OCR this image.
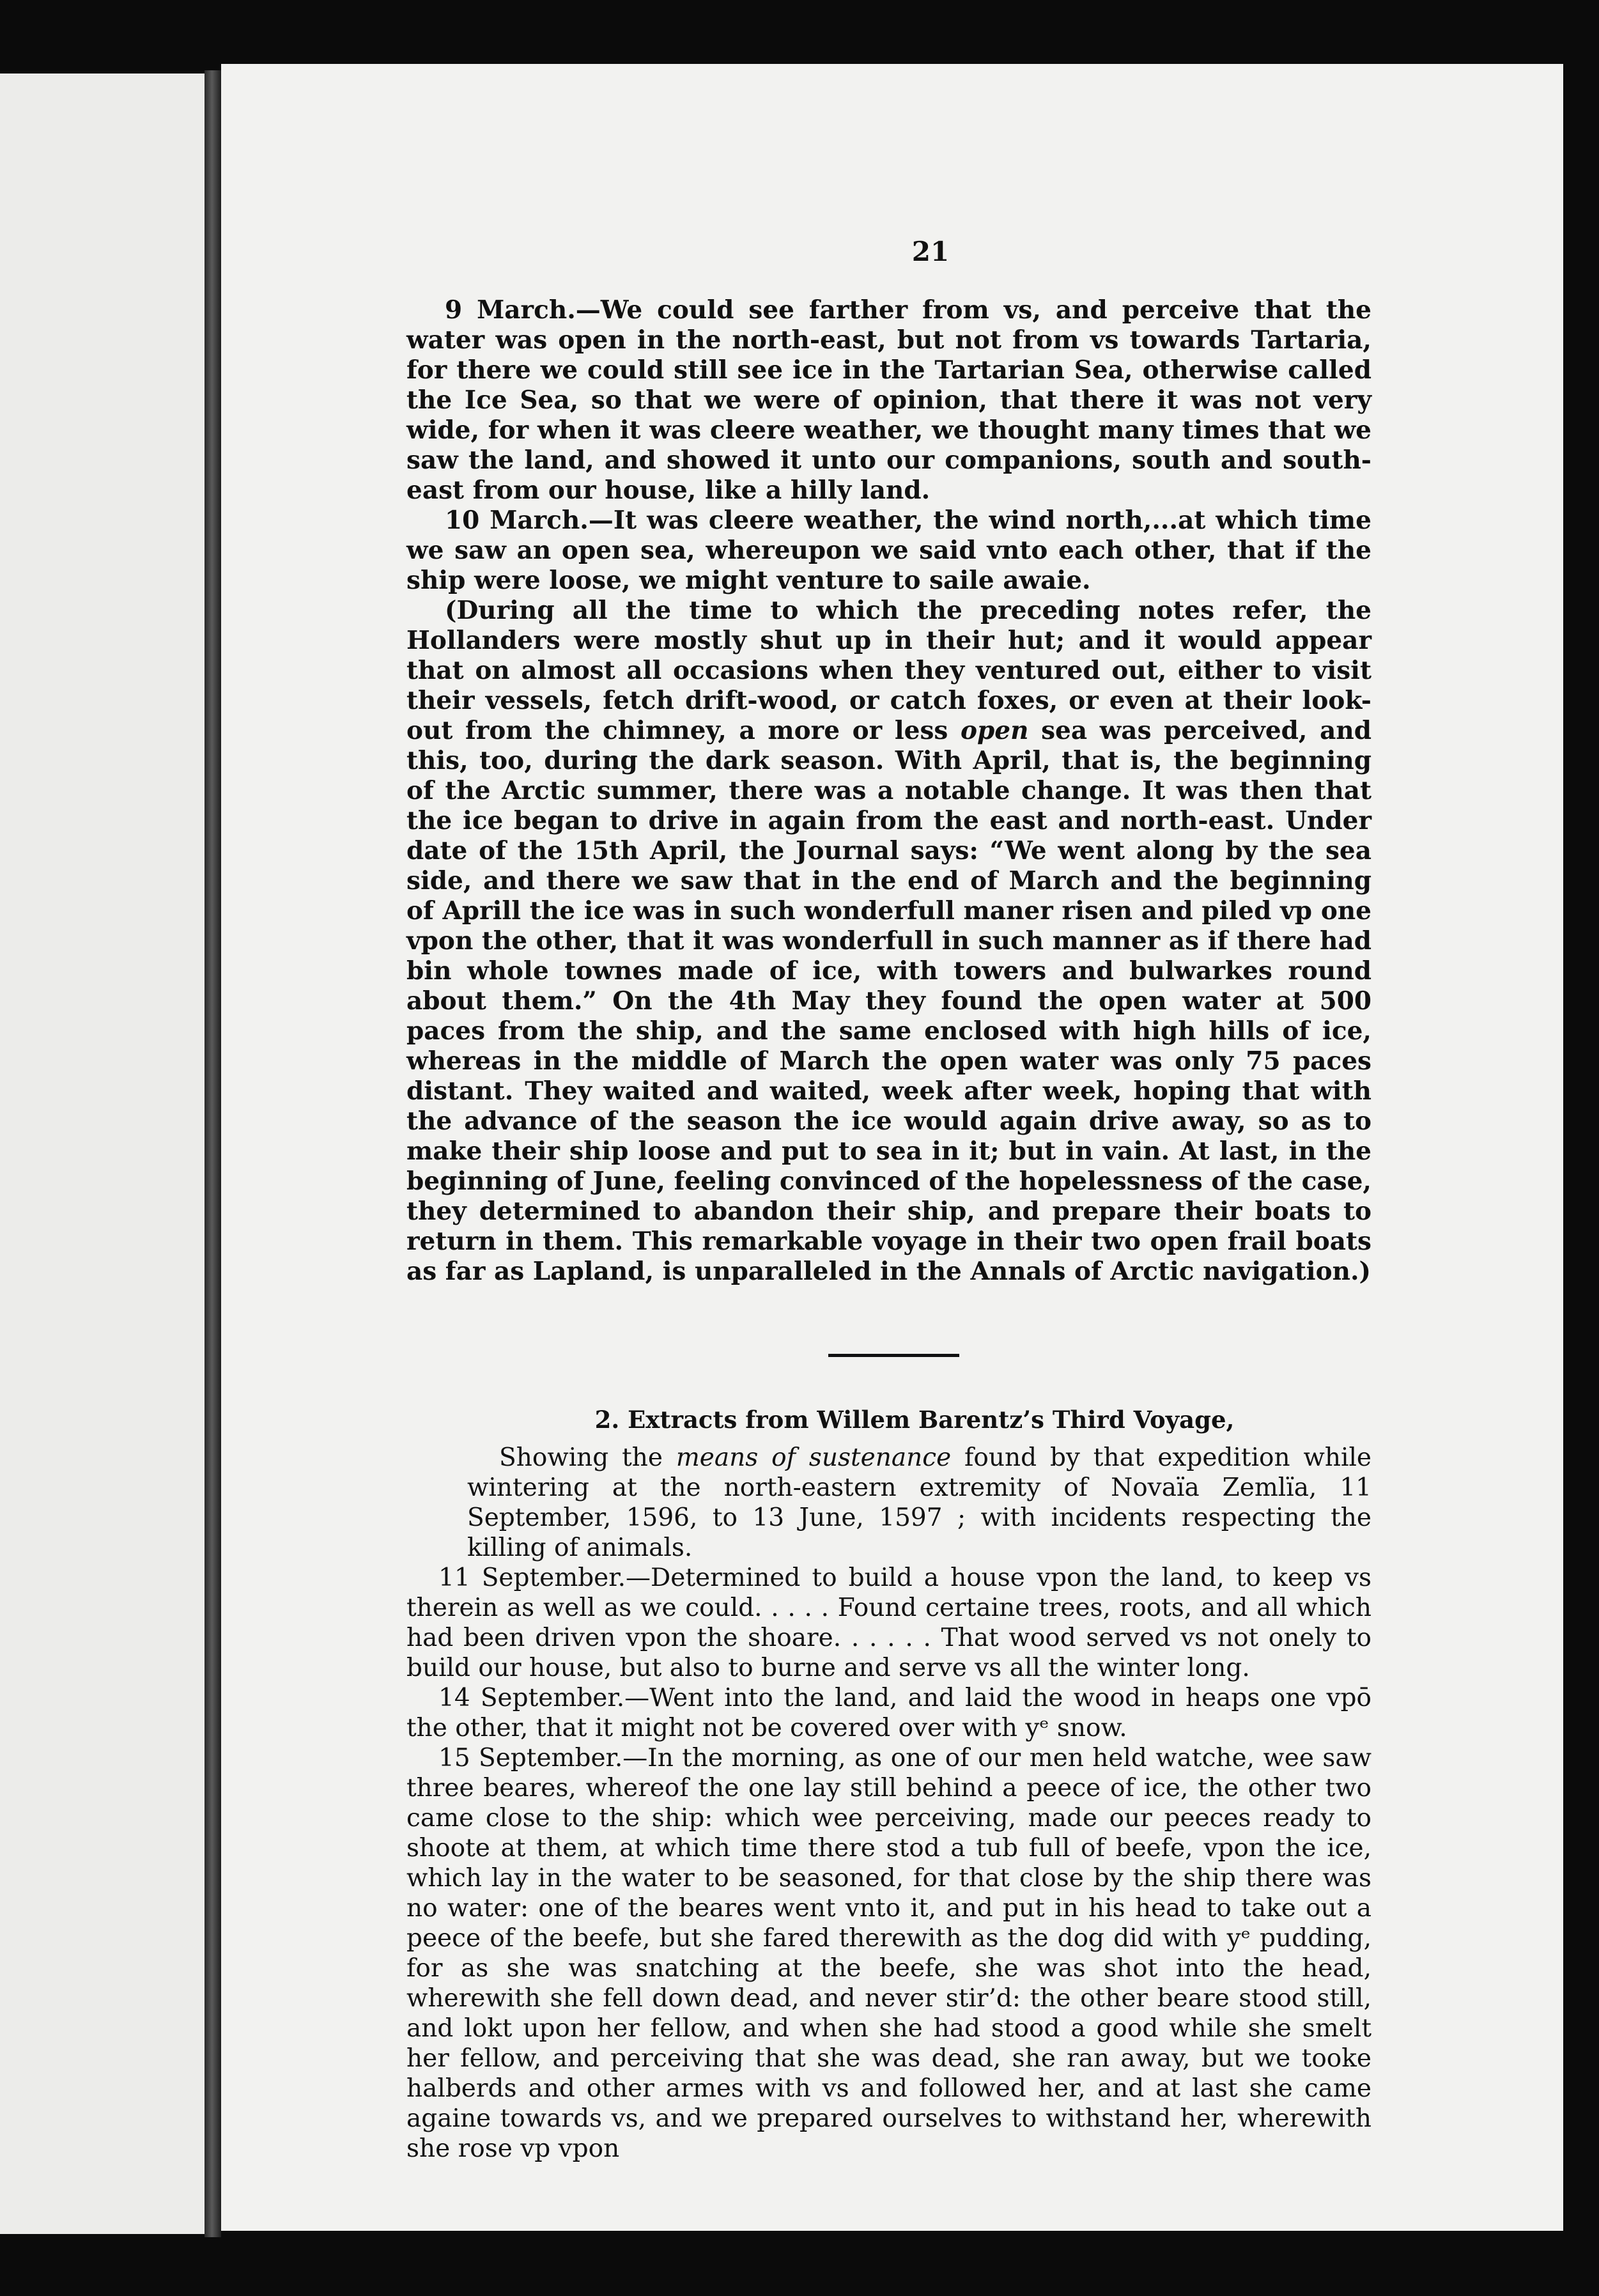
21

9 March.—We could see farther from vs, and perceive that the water was open in the north-east, but not from vs towards Tartaria, for there we could still see ice in the Tartarian Sea, otherwise called the Ice Sea, so that we were of opinion, that there it was not very wide, for when it was cleere weather, we thought many times that we saw the land, and showed it unto our companions, south and south-east from our house, like a hilly land.

10 March.—It was cleere weather, the wind north,...at which time we saw an open sea, whereupon we said vnto each other, that if the ship were loose, we might venture to saile awaie.

(During all the time to which the preceding notes refer, the Hollanders were mostly shut up in their hut; and it would appear that on almost all occasions when they ventured out, either to visit their vessels, fetch drift-wood, or catch foxes, or even at their look-out from the chimney, a more or less open sea was perceived, and this, too, during the dark season. With April, that is, the beginning of the Arctic summer, there was a notable change. It was then that the ice began to drive in again from the east and north-east. Under date of the 15th April, the Journal says: “We went along by the sea side, and there we saw that in the end of March and the beginning of Aprill the ice was in such wonderfull maner risen and piled vp one vpon the other, that it was wonderfull in such manner as if there had bin whole townes made of ice, with towers and bulwarkes round about them.” On the 4th May they found the open water at 500 paces from the ship, and the same enclosed with high hills of ice, whereas in the middle of March the open water was only 75 paces distant. They waited and waited, week after week, hoping that with the advance of the season the ice would again drive away, so as to make their ship loose and put to sea in it; but in vain. At last, in the beginning of June, feeling convinced of the hopelessness of the case, they determined to abandon their ship, and prepare their boats to return in them. This remarkable voyage in their two open frail boats as far as Lapland, is unparalleled in the Annals of Arctic navigation.)

2. Extracts from Willem Barentz’s Third Voyage,

Showing the means of sustenance found by that expedition while wintering at the north-eastern extremity of Novaïa Zemlïa, 11 September, 1596, to 13 June, 1597 ; with incidents respecting the killing of animals.

11 September.—Determined to build a house vpon the land, to keep vs therein as well as we could. . . . . Found certaine trees, roots, and all which had been driven vpon the shoare. . . . . . That wood served vs not onely to build our house, but also to burne and serve vs all the winter long.

14 September.—Went into the land, and laid the wood in heaps one vpō the other, that it might not be covered over with yᵉ snow.

15 September.—In the morning, as one of our men held watche, wee saw three beares, whereof the one lay still behind a peece of ice, the other two came close to the ship: which wee perceiving, made our peeces ready to shoote at them, at which time there stod a tub full of beefe, vpon the ice, which lay in the water to be seasoned, for that close by the ship there was no water: one of the beares went vnto it, and put in his head to take out a peece of the beefe, but she fared therewith as the dog did with yᵉ pudding, for as she was snatching at the beefe, she was shot into the head, wherewith she fell down dead, and never stir’d: the other beare stood still, and lokt upon her fellow, and when she had stood a good while she smelt her fellow, and perceiving that she was dead, she ran away, but we tooke halberds and other armes with vs and followed her, and at last she came againe towards vs, and we prepared ourselves to withstand her, wherewith she rose vp vpon
